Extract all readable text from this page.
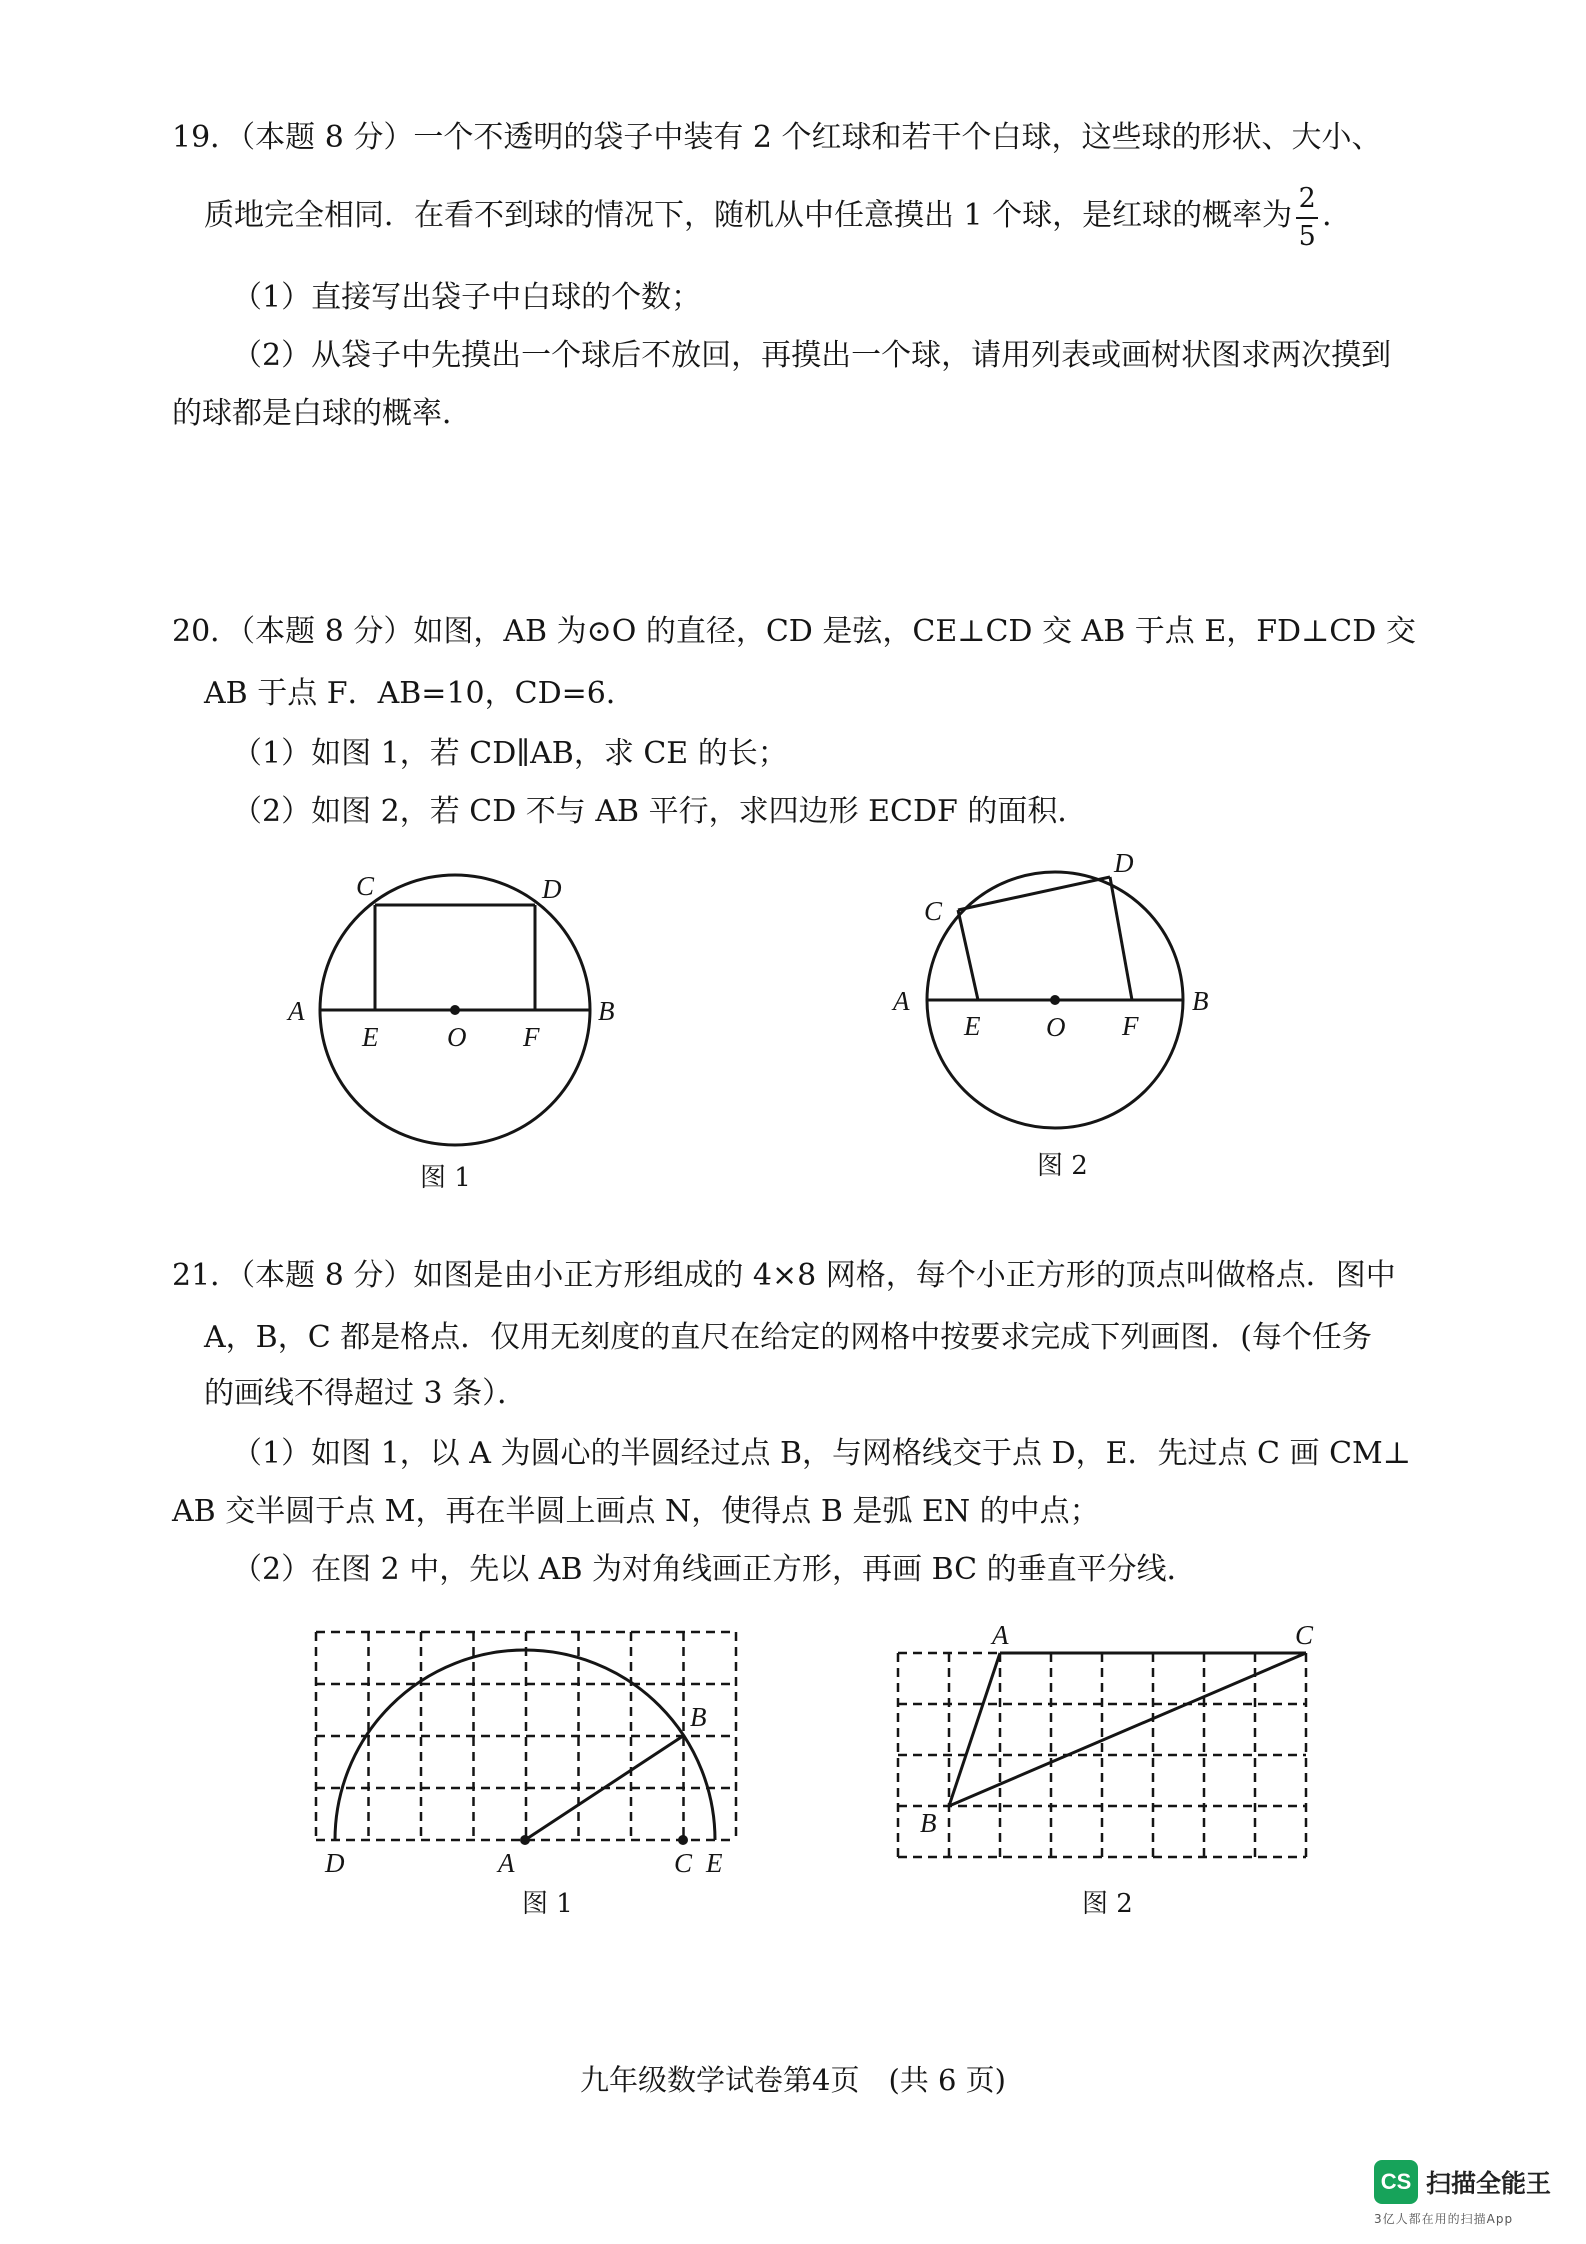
19．（本题 8 分）一个不透明的袋子中装有 2 个红球和若干个白球，这些球的形状、大小、
质地完全相同．在看不到球的情况下，随机从中任意摸出 1 个球，是红球的概率为 $\frac{2}{5}$ ．
（1）直接写出袋子中白球的个数；
（2）从袋子中先摸出一个球后不放回，再摸出一个球，请用列表或画树状图求两次摸到
的球都是白球的概率．
20．（本题 8 分）如图，AB 为⊙O 的直径，CD 是弦，CE⊥CD 交 AB 于点 E，FD⊥CD 交
AB 于点 F．AB=10，CD=6．
（1）如图 1，若 CD∥AB，求 CE 的长；
（2）如图 2，若 CD 不与 AB 平行，求四边形 ECDF 的面积．
A	B
C	D
E	O F
图 1
A	B
C
D
E O F
图 2
21．（本题 8 分）如图是由小正方形组成的 4×8 网格，每个小正方形的顶点叫做格点．图中
A，B，C 都是格点．仅用无刻度的直尺在给定的网格中按要求完成下列画图．(每个任务
的画线不得超过 3 条）．
（1）如图 1，以 A 为圆心的半圆经过点 B，与网格线交于点 D，E．先过点 C 画 CM⊥
AB 交半圆于点 M，再在半圆上画点 N，使得点 B 是弧 EN 的中点；
（2）在图 2 中，先以 AB 为对角线画正方形，再画 BC 的垂直平分线．
D	A	C E
B
图 1
A	C
B
图 2
九年级数学试卷第4页　(共 6 页)
CS 扫描全能王
3亿人都在用的扫描App
